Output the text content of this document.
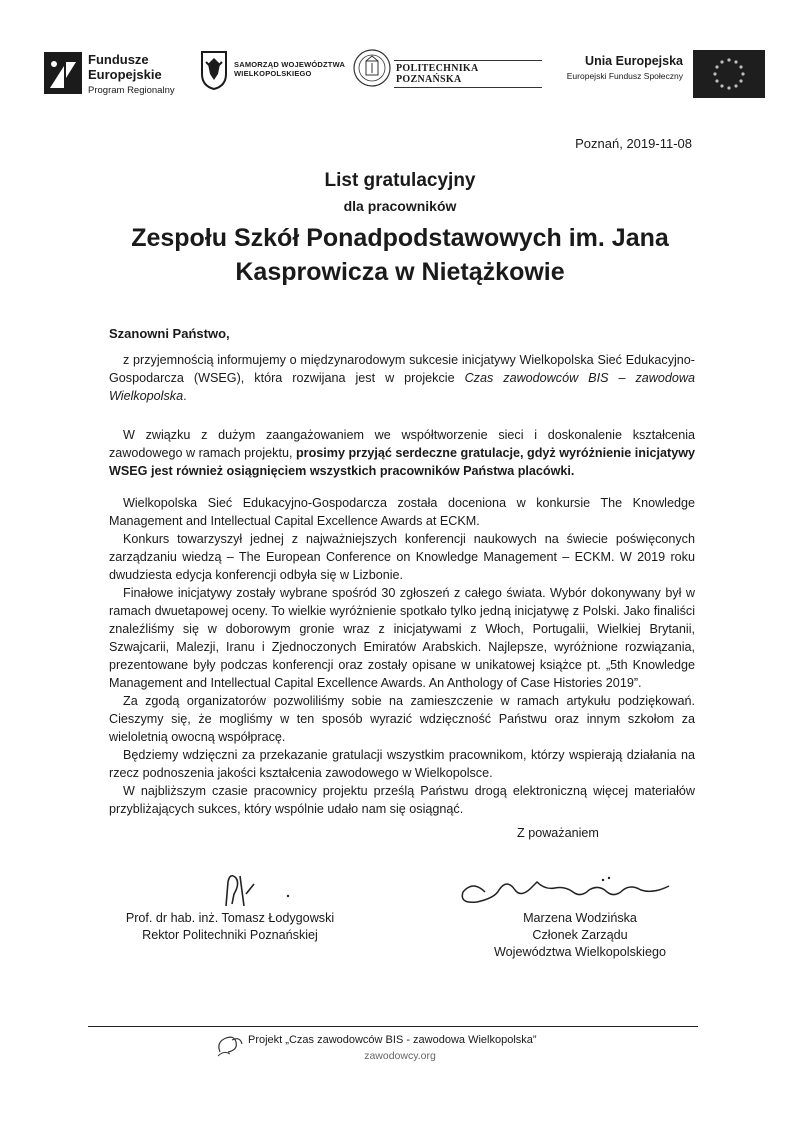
Fundusze
Europejskie
Program Regionalny
SAMORZĄD WOJEWÓDZTWA
WIELKOPOLSKIEGO	POLITECHNIKA POZNAŃSKA
Unia Europejska
Europejski Fundusz Społeczny
Poznań, 2019-11-08
List gratulacyjny
dla pracowników
Zespołu Szkół Ponadpodstawowych im. Jana
Kasprowicza w Nietążkowie
Szanowni Państwo,

z przyjemnością informujemy o międzynarodowym sukcesie inicjatywy Wielkopolska Sieć Edukacyjno-Gospodarcza (WSEG), która rozwijana jest w projekcie Czas zawodowców BIS – zawodowa Wielkopolska.

W związku z dużym zaangażowaniem we współtworzenie sieci i doskonalenie kształcenia zawodowego w ramach projektu, prosimy przyjąć serdeczne gratulacje, gdyż wyróżnienie inicjatywy WSEG jest również osiągnięciem wszystkich pracowników Państwa placówki.

Wielkopolska Sieć Edukacyjno-Gospodarcza została doceniona w konkursie The Knowledge Management and Intellectual Capital Excellence Awards at ECKM.

Konkurs towarzyszył jednej z najważniejszych konferencji naukowych na świecie poświęconych zarządzaniu wiedzą – The European Conference on Knowledge Management – ECKM. W 2019 roku dwudziesta edycja konferencji odbyła się w Lizbonie.

Finałowe inicjatywy zostały wybrane spośród 30 zgłoszeń z całego świata. Wybór dokonywany był w ramach dwuetapowej oceny. To wielkie wyróżnienie spotkało tylko jedną inicjatywę z Polski. Jako finaliści znaleźliśmy się w doborowym gronie wraz z inicjatywami z Włoch, Portugalii, Wielkiej Brytanii, Szwajcarii, Malezji, Iranu i Zjednoczonych Emiratów Arabskich. Najlepsze, wyróżnione rozwiązania, prezentowane były podczas konferencji oraz zostały opisane w unikatowej książce pt. „5th Knowledge Management and Intellectual Capital Excellence Awards. An Anthology of Case Histories 2019”.

Za zgodą organizatorów pozwoliliśmy sobie na zamieszczenie w ramach artykułu podziękowań. Cieszymy się, że mogliśmy w ten sposób wyrazić wdzięczność Państwu oraz innym szkołom za wieloletnią owocną współpracę.

Będziemy wdzięczni za przekazanie gratulacji wszystkim pracownikom, którzy wspierają działania na rzecz podnoszenia jakości kształcenia zawodowego w Wielkopolsce.

W najbliższym czasie pracownicy projektu prześlą Państwu drogą elektroniczną więcej materiałów przybliżających sukces, który wspólnie udało nam się osiągnąć.

Z poważaniem
Prof. dr hab. inż. Tomasz Łodygowski
Rektor Politechniki Poznańskiej
Marzena Wodzińska
Członek Zarządu
Województwa Wielkopolskiego
Projekt „Czas zawodowców BIS - zawodowa Wielkopolska”
zawodowcy.org
